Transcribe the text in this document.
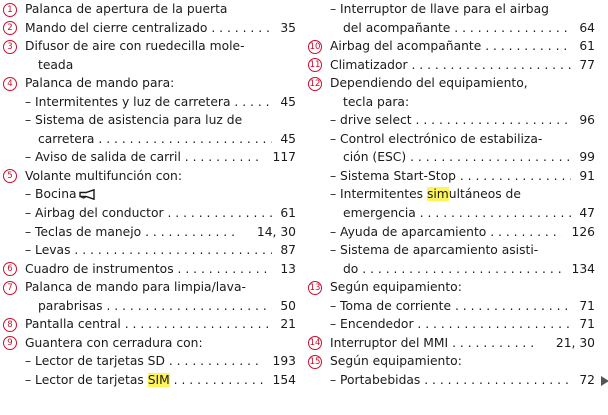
1 Palanca de apertura de la puerta
2 Mando del cierre centralizado . . .	35
3 Difusor de aire con ruedecilla mole-
teada
4 Palanca de mando para:
– Intermitentes y luz de carretera . . .	45
– Sistema de asistencia para luz de
carretera . . .	45
– Aviso de salida de carril . . .	117
5 Volante multifunción con:
– Bocina
– Airbag del conductor . . .	61
– Teclas de manejo . . .	14, 30
– Levas . . .	87
6 Cuadro de instrumentos . . .	13
7 Palanca de mando para limpia/lava-
parabrisas . . .	50
8 Pantalla central . . .	21
9 Guantera con cerradura con:
– Lector de tarjetas SD . . .	193
– Lector de tarjetas SIM . . .	154
– Interruptor de llave para el airbag
del acompañante . . .	64
10 Airbag del acompañante . . .	61
11 Climatizador . . .	77
12 Dependiendo del equipamiento,
tecla para:
– drive select . . .	96
– Control electrónico de estabiliza-
ción (ESC) . . .	99
– Sistema Start-Stop . . .	91
– Intermitentes simultáneos de
emergencia . . .	47
– Ayuda de aparcamiento . . .	126
– Sistema de aparcamiento asisti-
do . . .	134
13 Según equipamiento:
– Toma de corriente . . .	71
– Encendedor . . .	71
14 Interruptor del MMI . . .	21, 30
15 Según equipamiento:
– Portabebidas . . .	72
